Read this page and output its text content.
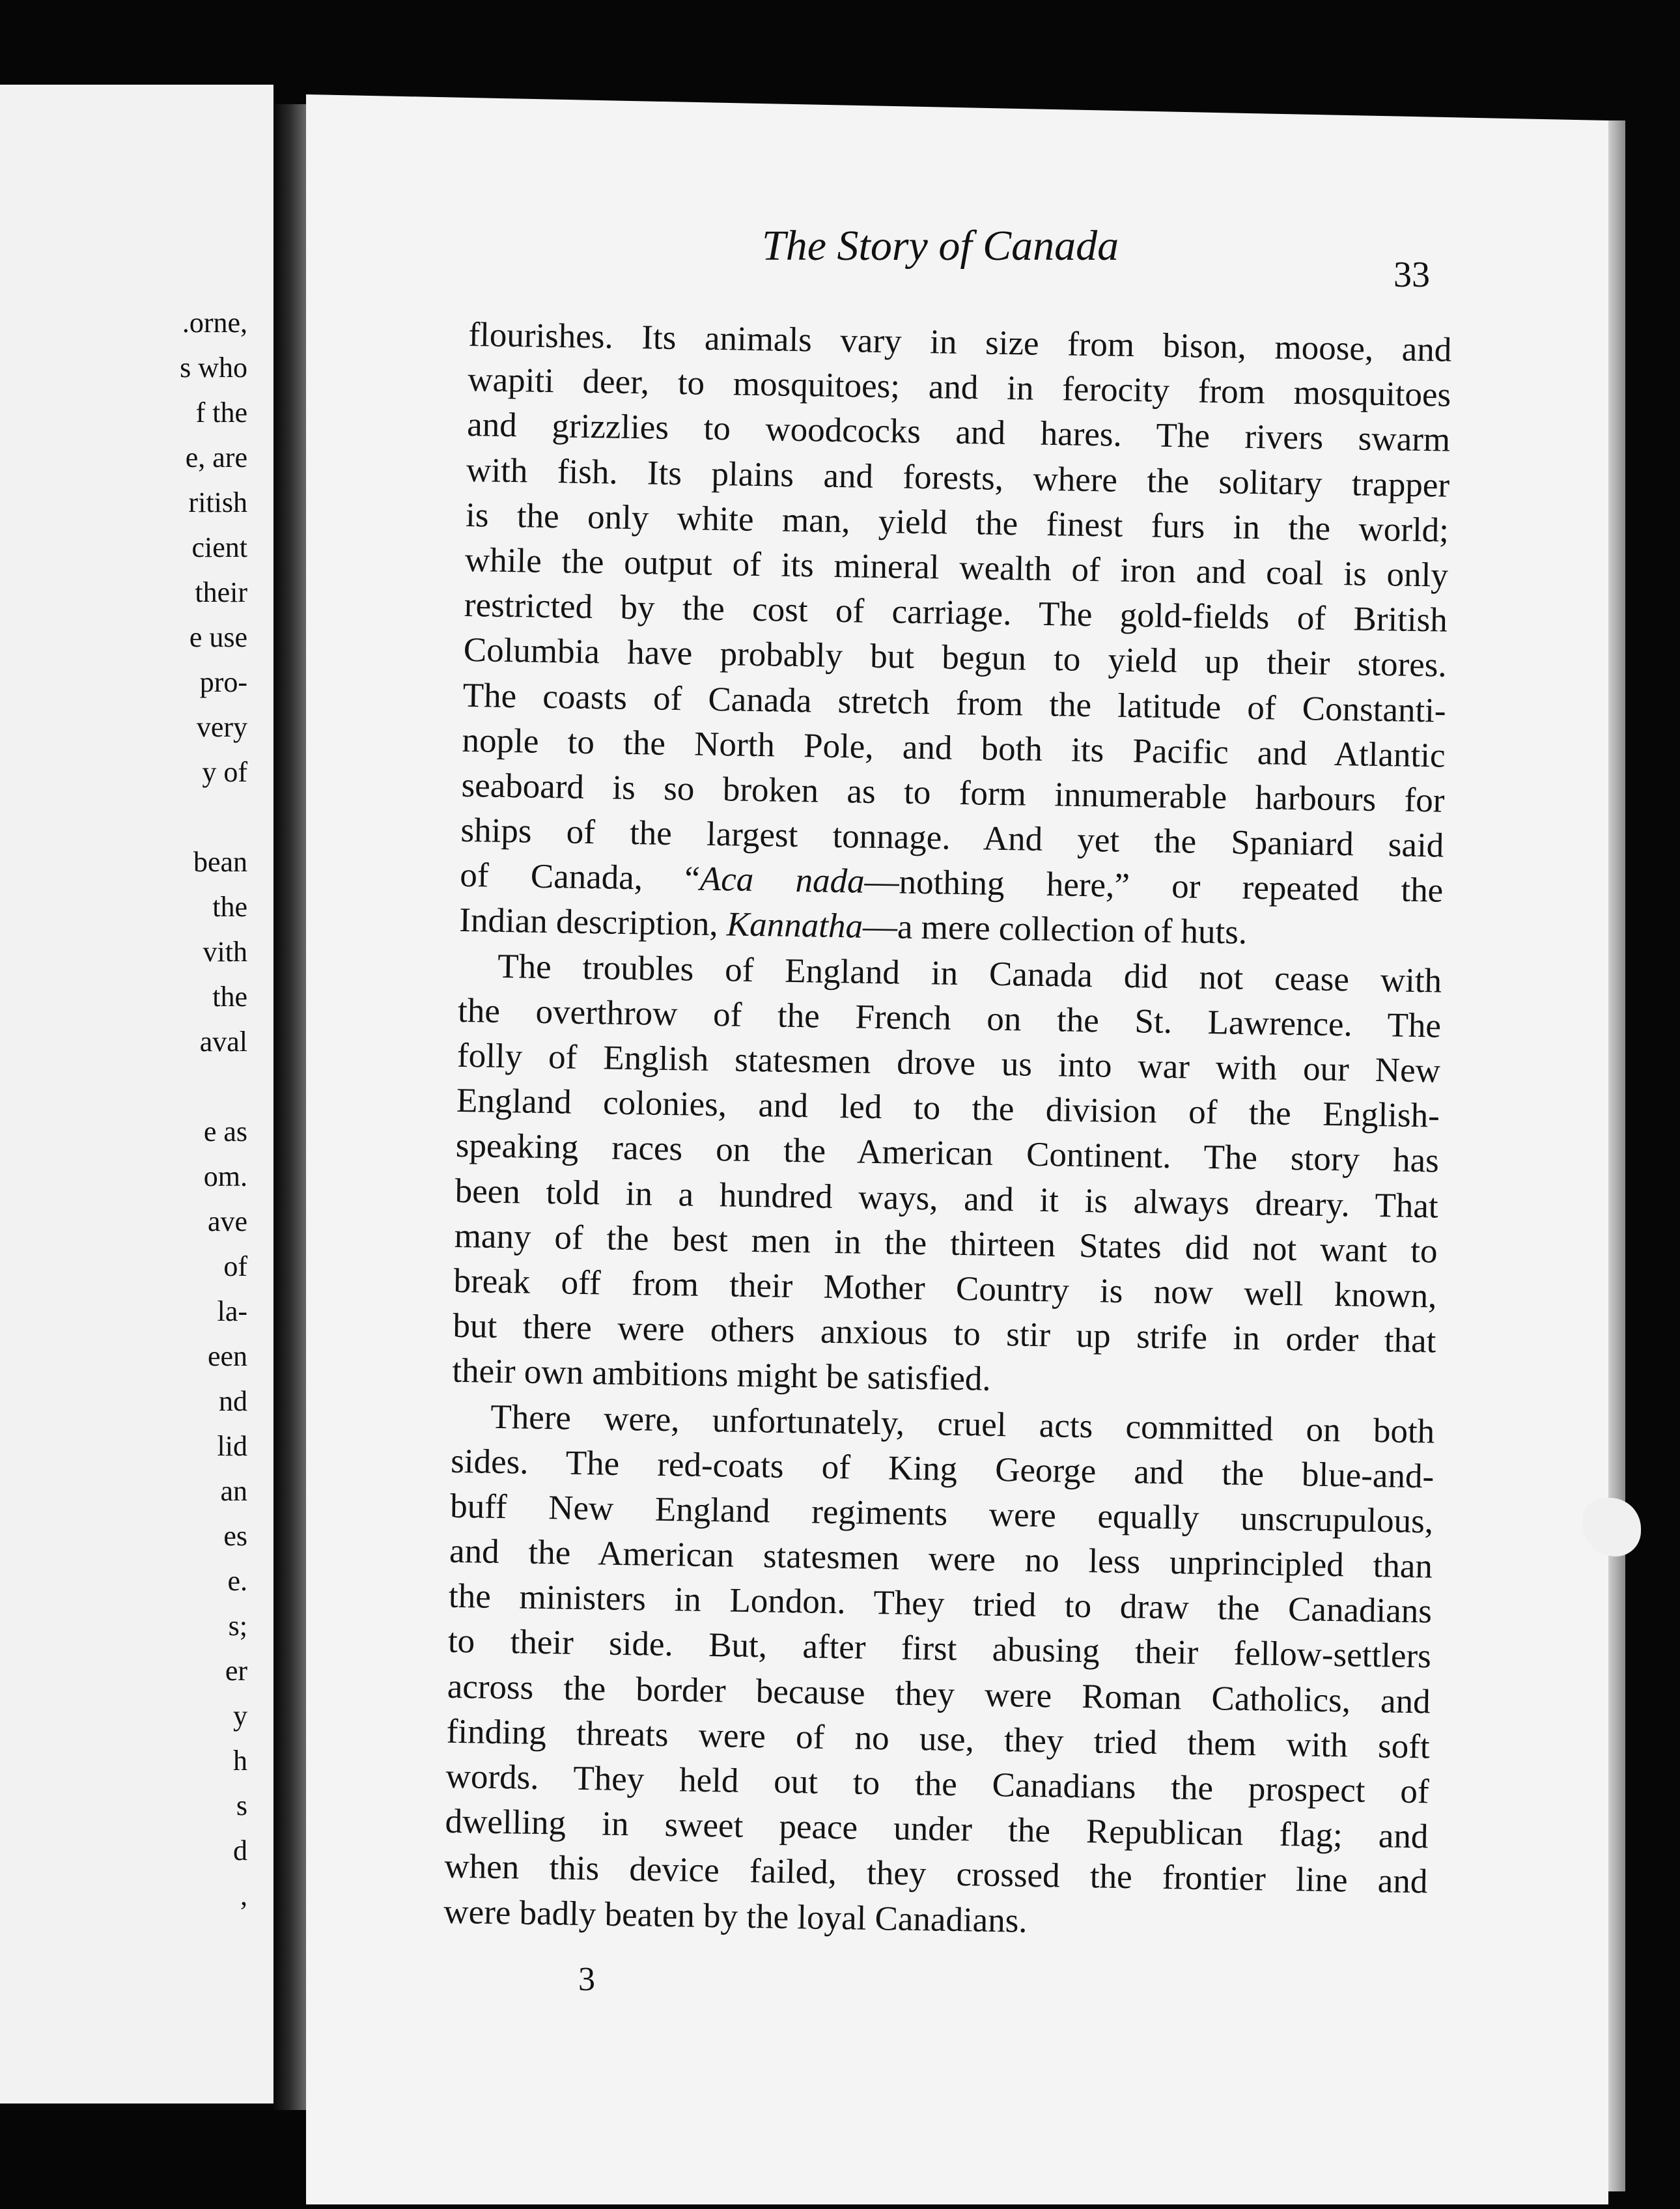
The Story of Canada
33
flourishes. Its animals vary in size from bison, moose, and
wapiti deer, to mosquitoes; and in ferocity from mosquitoes
and grizzlies to woodcocks and hares. The rivers swarm
with fish. Its plains and forests, where the solitary trapper
is the only white man, yield the finest furs in the world;
while the output of its mineral wealth of iron and coal is only
restricted by the cost of carriage. The gold-fields of British
Columbia have probably but begun to yield up their stores.
The coasts of Canada stretch from the latitude of Constanti-
nople to the North Pole, and both its Pacific and Atlantic
seaboard is so broken as to form innumerable harbours for
ships of the largest tonnage. And yet the Spaniard said
of Canada, “Aca nada—nothing here,” or repeated the
Indian description, Kannatha—a mere collection of huts.
The troubles of England in Canada did not cease with
the overthrow of the French on the St. Lawrence. The
folly of English statesmen drove us into war with our New
England colonies, and led to the division of the English-
speaking races on the American Continent. The story has
been told in a hundred ways, and it is always dreary. That
many of the best men in the thirteen States did not want to
break off from their Mother Country is now well known,
but there were others anxious to stir up strife in order that
their own ambitions might be satisfied.
There were, unfortunately, cruel acts committed on both
sides. The red-coats of King George and the blue-and-
buff New England regiments were equally unscrupulous,
and the American statesmen were no less unprincipled than
the ministers in London. They tried to draw the Canadians
to their side. But, after first abusing their fellow-settlers
across the border because they were Roman Catholics, and
finding threats were of no use, they tried them with soft
words. They held out to the Canadians the prospect of
dwelling in sweet peace under the Republican flag; and
when this device failed, they crossed the frontier line and
were badly beaten by the loyal Canadians.
3
.orne,
s who
f the
e, are
ritish
cient
their
e use
pro-
very
y of
bean
the
vith
the
aval
e as
om.
ave
of
la-
een
nd
lid
an
es
e.
s;
er
y
h
s
d
,
